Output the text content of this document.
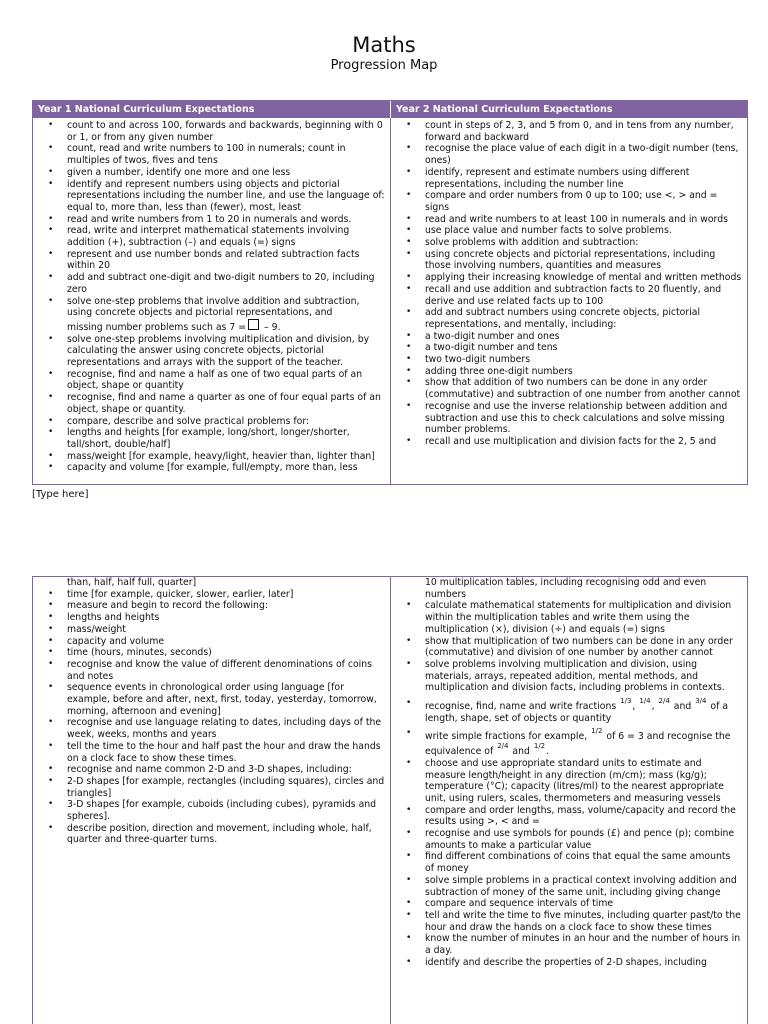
Maths
Progression Map
Year 1 National Curriculum Expectations	Year 2 National Curriculum Expectations
• count to and across 100, forwards and backwards, beginning with 0 or 1, or from any given number
• count, read and write numbers to 100 in numerals; count in multiples of twos, fives and tens
• given a number, identify one more and one less
• identify and represent numbers using objects and pictorial representations including the number line, and use the language of: equal to, more than, less than (fewer), most, least
• read and write numbers from 1 to 20 in numerals and words.
• read, write and interpret mathematical statements involving addition (+), subtraction (–) and equals (=) signs
• represent and use number bonds and related subtraction facts within 20
• add and subtract one-digit and two-digit numbers to 20, including zero
• solve one-step problems that involve addition and subtraction, using concrete objects and pictorial representations, and
missing number problems such as 7 = – 9.
• solve one-step problems involving multiplication and division, by calculating the answer using concrete objects, pictorial representations and arrays with the support of the teacher.
• recognise, find and name a half as one of two equal parts of an object, shape or quantity
• recognise, find and name a quarter as one of four equal parts of an object, shape or quantity.
• compare, describe and solve practical problems for:
• lengths and heights [for example, long/short, longer/shorter, tall/short, double/half]
• mass/weight [for example, heavy/light, heavier than, lighter than]
• capacity and volume [for example, full/empty, more than, less
• count in steps of 2, 3, and 5 from 0, and in tens from any number, forward and backward
• recognise the place value of each digit in a two-digit number (tens, ones)
• identify, represent and estimate numbers using different representations, including the number line
• compare and order numbers from 0 up to 100; use <, > and = signs
• read and write numbers to at least 100 in numerals and in words
• use place value and number facts to solve problems.
• solve problems with addition and subtraction:
• using concrete objects and pictorial representations, including those involving numbers, quantities and measures
• applying their increasing knowledge of mental and written methods
• recall and use addition and subtraction facts to 20 fluently, and derive and use related facts up to 100
• add and subtract numbers using concrete objects, pictorial representations, and mentally, including:
• a two-digit number and ones
• a two-digit number and tens
• two two-digit numbers
• adding three one-digit numbers
• show that addition of two numbers can be done in any order (commutative) and subtraction of one number from another cannot
• recognise and use the inverse relationship between addition and subtraction and use this to check calculations and solve missing number problems.
• recall and use multiplication and division facts for the 2, 5 and
[Type here]
than, half, half full, quarter]
• time [for example, quicker, slower, earlier, later]
• measure and begin to record the following:
• lengths and heights
• mass/weight
• capacity and volume
• time (hours, minutes, seconds)
• recognise and know the value of different denominations of coins and notes
• sequence events in chronological order using language [for example, before and after, next, first, today, yesterday, tomorrow, morning, afternoon and evening]
• recognise and use language relating to dates, including days of the week, weeks, months and years
• tell the time to the hour and half past the hour and draw the hands on a clock face to show these times.
• recognise and name common 2-D and 3-D shapes, including:
• 2-D shapes [for example, rectangles (including squares), circles and triangles]
• 3-D shapes [for example, cuboids (including cubes), pyramids and spheres].
• describe position, direction and movement, including whole, half, quarter and three-quarter turns.
10 multiplication tables, including recognising odd and even numbers
• calculate mathematical statements for multiplication and division within the multiplication tables and write them using the multiplication (×), division (÷) and equals (=) signs
• show that multiplication of two numbers can be done in any order (commutative) and division of one number by another cannot
• solve problems involving multiplication and division, using materials, arrays, repeated addition, mental methods, and multiplication and division facts, including problems in contexts.
• recognise, find, name and write fractions 1/3, 1/4, 2/4 and 3/4 of a length, shape, set of objects or quantity
• write simple fractions for example, 1/2 of 6 = 3 and recognise the equivalence of 2/4 and 1/2.
• choose and use appropriate standard units to estimate and measure length/height in any direction (m/cm); mass (kg/g); temperature (°C); capacity (litres/ml) to the nearest appropriate unit, using rulers, scales, thermometers and measuring vessels
• compare and order lengths, mass, volume/capacity and record the results using >, < and =
• recognise and use symbols for pounds (£) and pence (p); combine amounts to make a particular value
• find different combinations of coins that equal the same amounts of money
• solve simple problems in a practical context involving addition and subtraction of money of the same unit, including giving change
• compare and sequence intervals of time
• tell and write the time to five minutes, including quarter past/to the hour and draw the hands on a clock face to show these times
• know the number of minutes in an hour and the number of hours in a day.
• identify and describe the properties of 2-D shapes, including
